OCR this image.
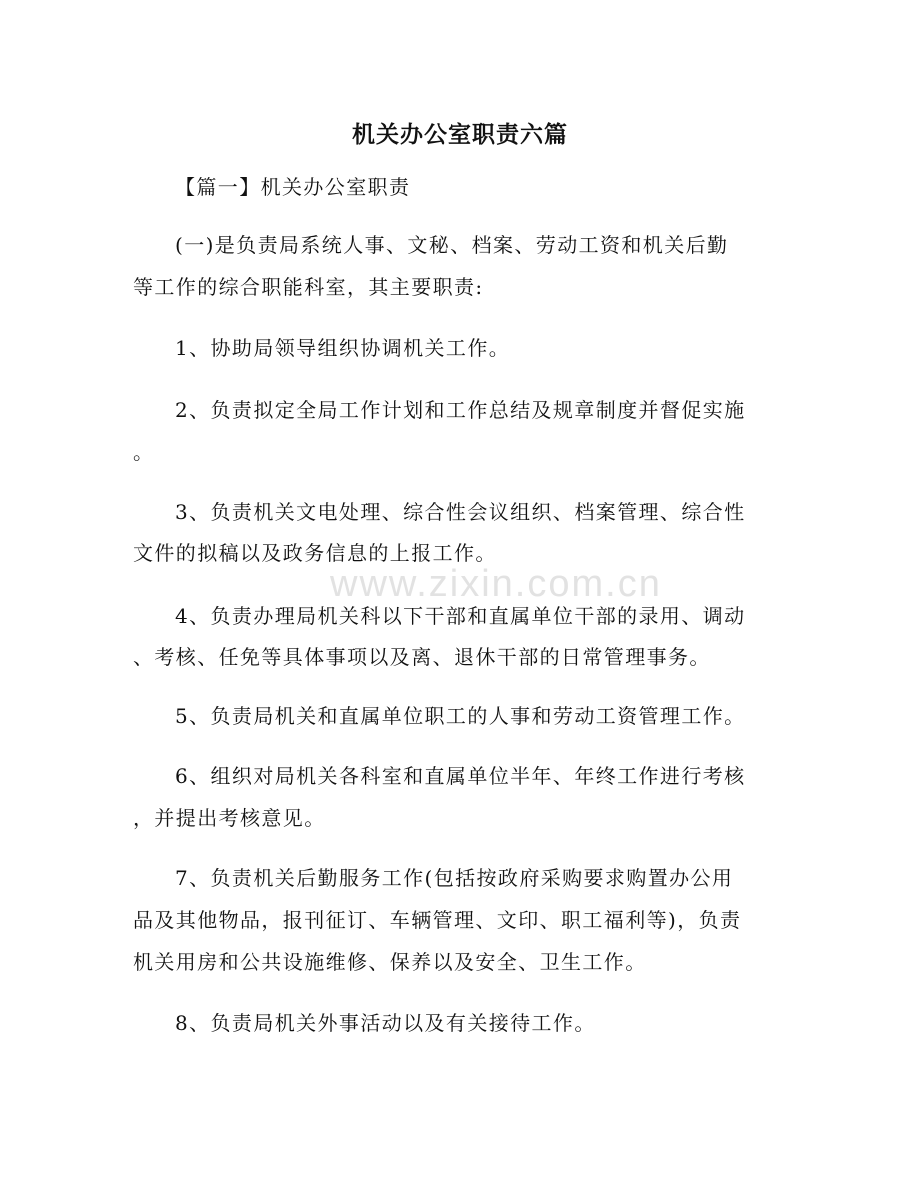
www.zixin.com.cn
机关办公室职责六篇
【篇一】机关办公室职责
(一)是负责局系统人事、文秘、档案、劳动工资和机关后勤
等工作的综合职能科室，其主要职责:
1、协助局领导组织协调机关工作。
2、负责拟定全局工作计划和工作总结及规章制度并督促实施
。
3、负责机关文电处理、综合性会议组织、档案管理、综合性
文件的拟稿以及政务信息的上报工作。
4、负责办理局机关科以下干部和直属单位干部的录用、调动
、考核、任免等具体事项以及离、退休干部的日常管理事务。
5、负责局机关和直属单位职工的人事和劳动工资管理工作。
6、组织对局机关各科室和直属单位半年、年终工作进行考核
，并提出考核意见。
7、负责机关后勤服务工作(包括按政府采购要求购置办公用
品及其他物品，报刊征订、车辆管理、文印、职工福利等)，负责
机关用房和公共设施维修、保养以及安全、卫生工作。
8、负责局机关外事活动以及有关接待工作。
